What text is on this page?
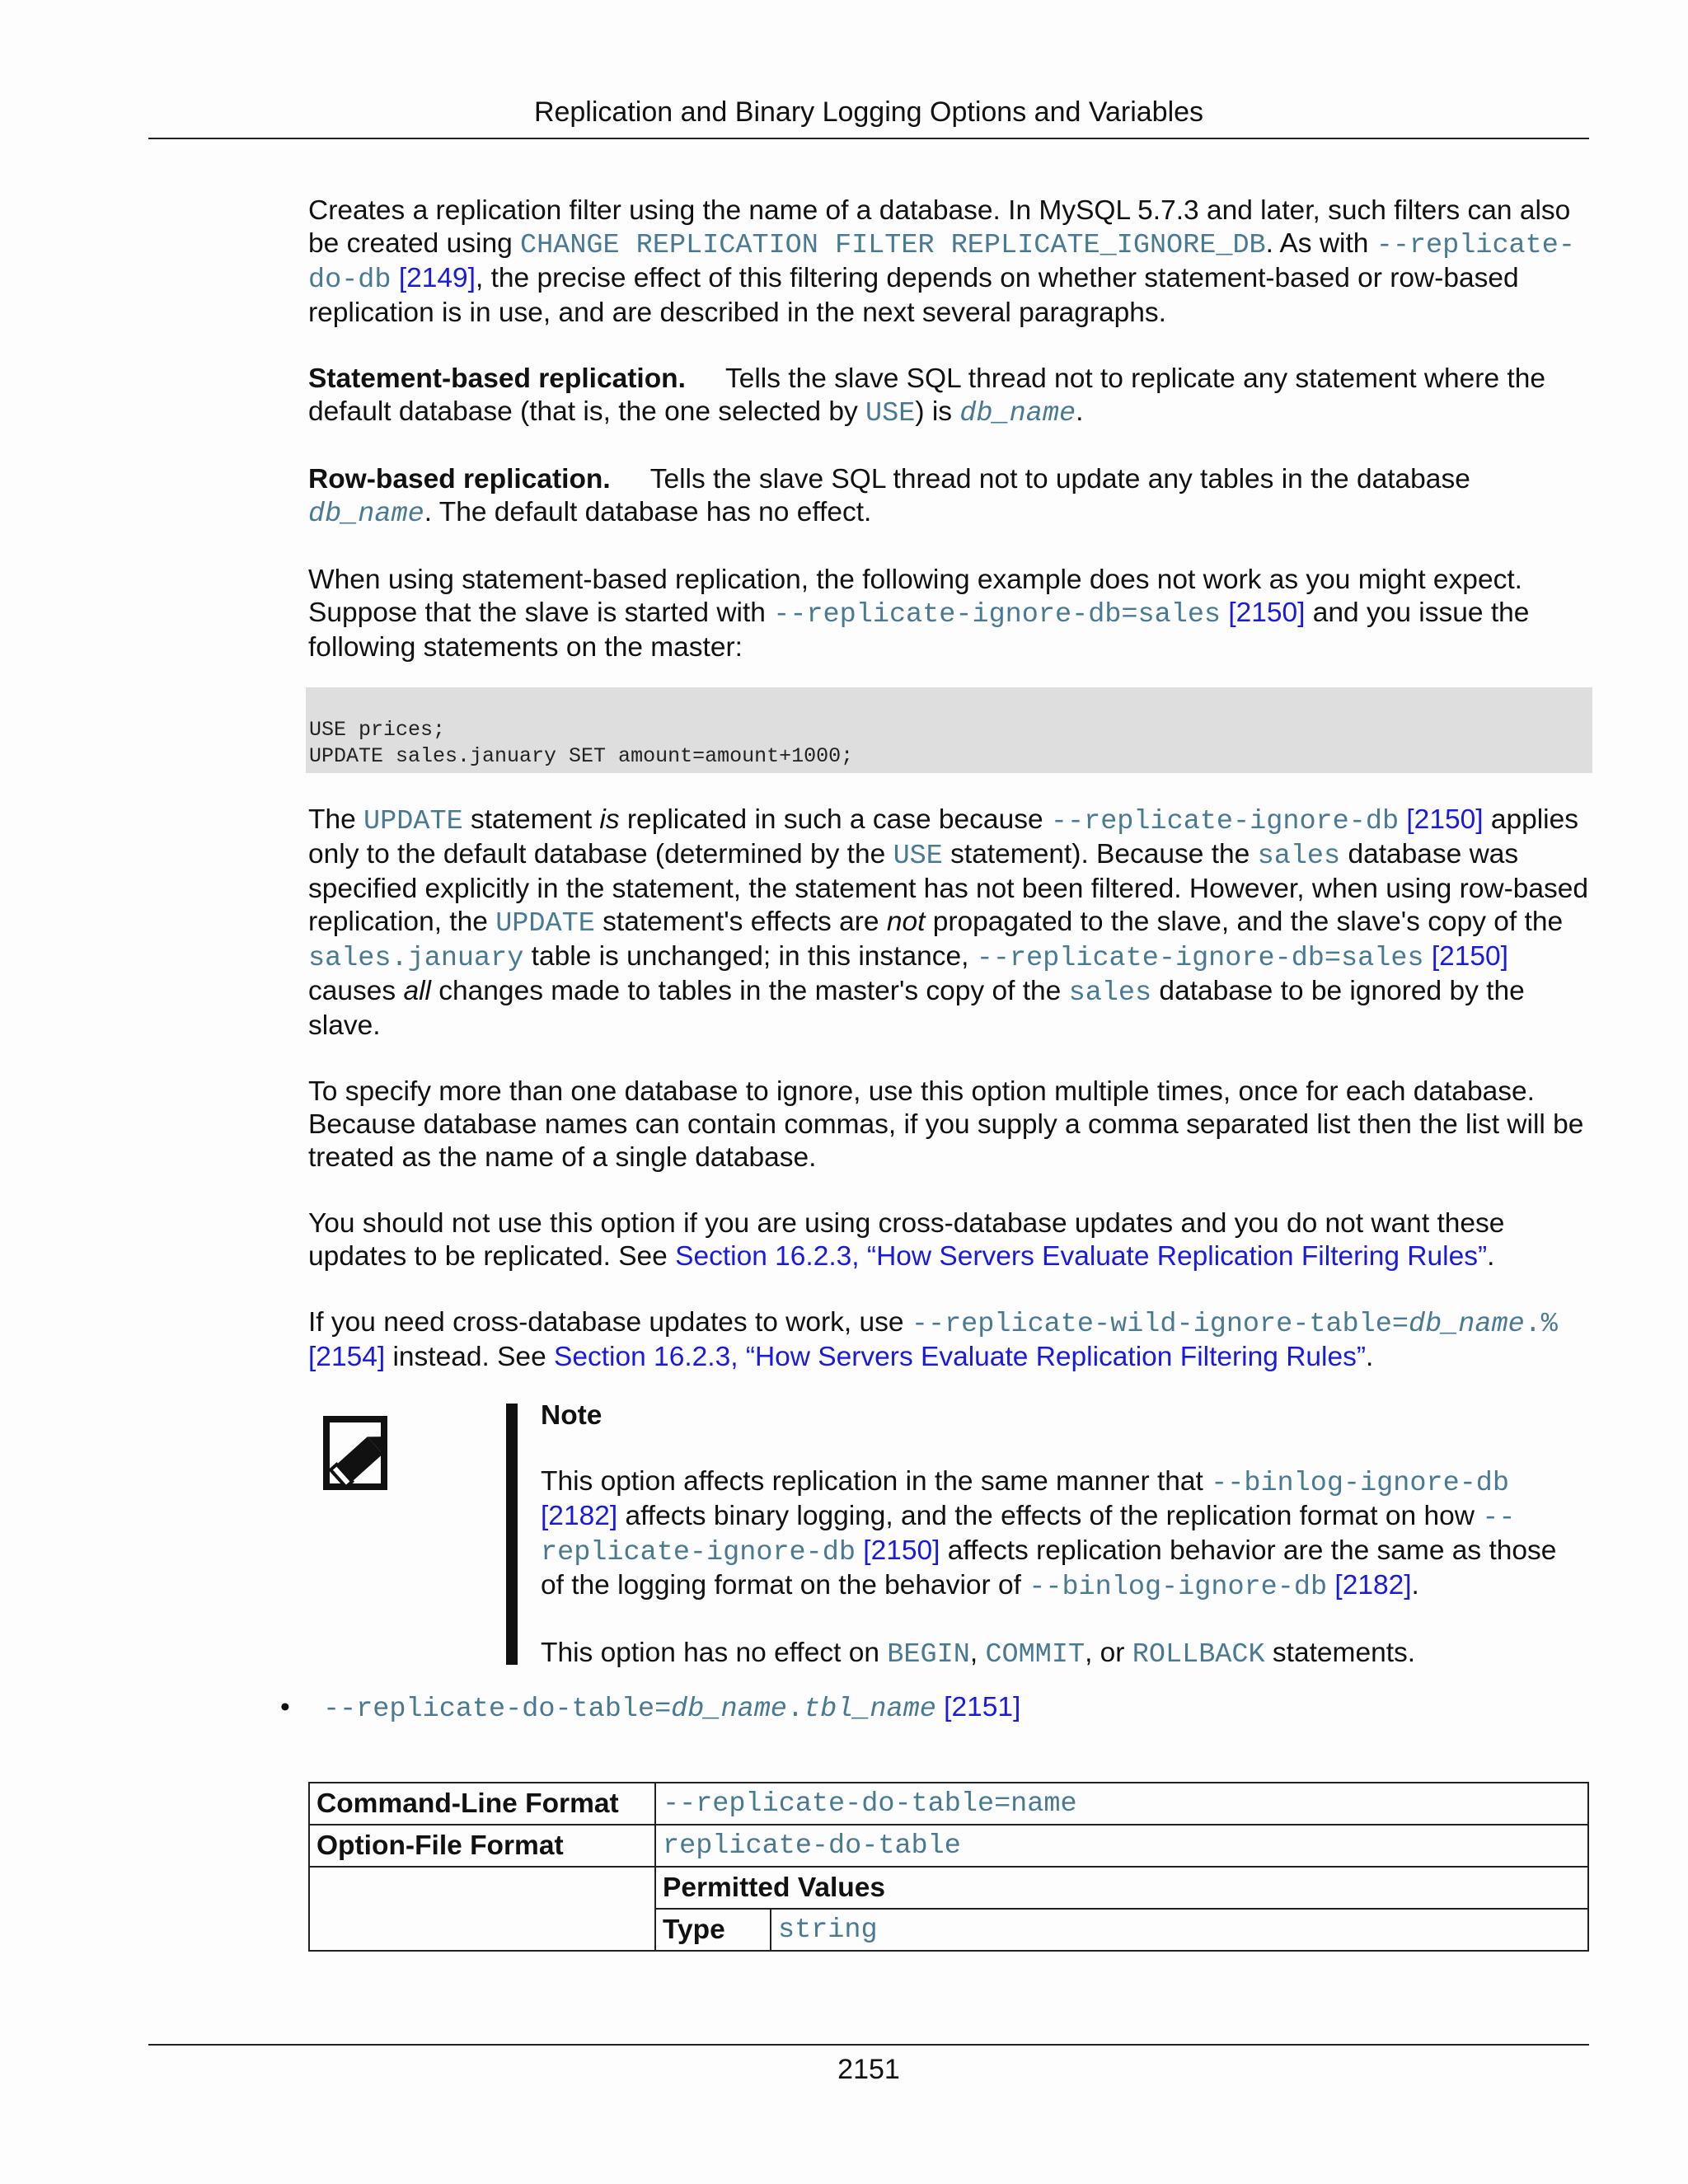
Replication and Binary Logging Options and Variables

Creates a replication filter using the name of a database. In MySQL 5.7.3 and later, such filters can also be created using CHANGE REPLICATION FILTER REPLICATE_IGNORE_DB. As with --replicate-do-db [2149], the precise effect of this filtering depends on whether statement-based or row-based replication is in use, and are described in the next several paragraphs.

Statement-based replication. Tells the slave SQL thread not to replicate any statement where the default database (that is, the one selected by USE) is db_name.

Row-based replication. Tells the slave SQL thread not to update any tables in the database db_name. The default database has no effect.

When using statement-based replication, the following example does not work as you might expect. Suppose that the slave is started with --replicate-ignore-db=sales [2150] and you issue the following statements on the master:

USE prices;
UPDATE sales.january SET amount=amount+1000;

The UPDATE statement is replicated in such a case because --replicate-ignore-db [2150] applies only to the default database (determined by the USE statement). Because the sales database was specified explicitly in the statement, the statement has not been filtered. However, when using row-based replication, the UPDATE statement's effects are not propagated to the slave, and the slave's copy of the sales.january table is unchanged; in this instance, --replicate-ignore-db=sales [2150] causes all changes made to tables in the master's copy of the sales database to be ignored by the slave.

To specify more than one database to ignore, use this option multiple times, once for each database. Because database names can contain commas, if you supply a comma separated list then the list will be treated as the name of a single database.

You should not use this option if you are using cross-database updates and you do not want these updates to be replicated. See Section 16.2.3, “How Servers Evaluate Replication Filtering Rules”.

If you need cross-database updates to work, use --replicate-wild-ignore-table=db_name.% [2154] instead. See Section 16.2.3, “How Servers Evaluate Replication Filtering Rules”.

Note

This option affects replication in the same manner that --binlog-ignore-db [2182] affects binary logging, and the effects of the replication format on how --replicate-ignore-db [2150] affects replication behavior are the same as those of the logging format on the behavior of --binlog-ignore-db [2182].

This option has no effect on BEGIN, COMMIT, or ROLLBACK statements.

• --replicate-do-table=db_name.tbl_name [2151]
Command-Line Format	--replicate-do-table=name	
Option-File Format	replicate-do-table	
	Permitted Values	
	Type	string
2151
